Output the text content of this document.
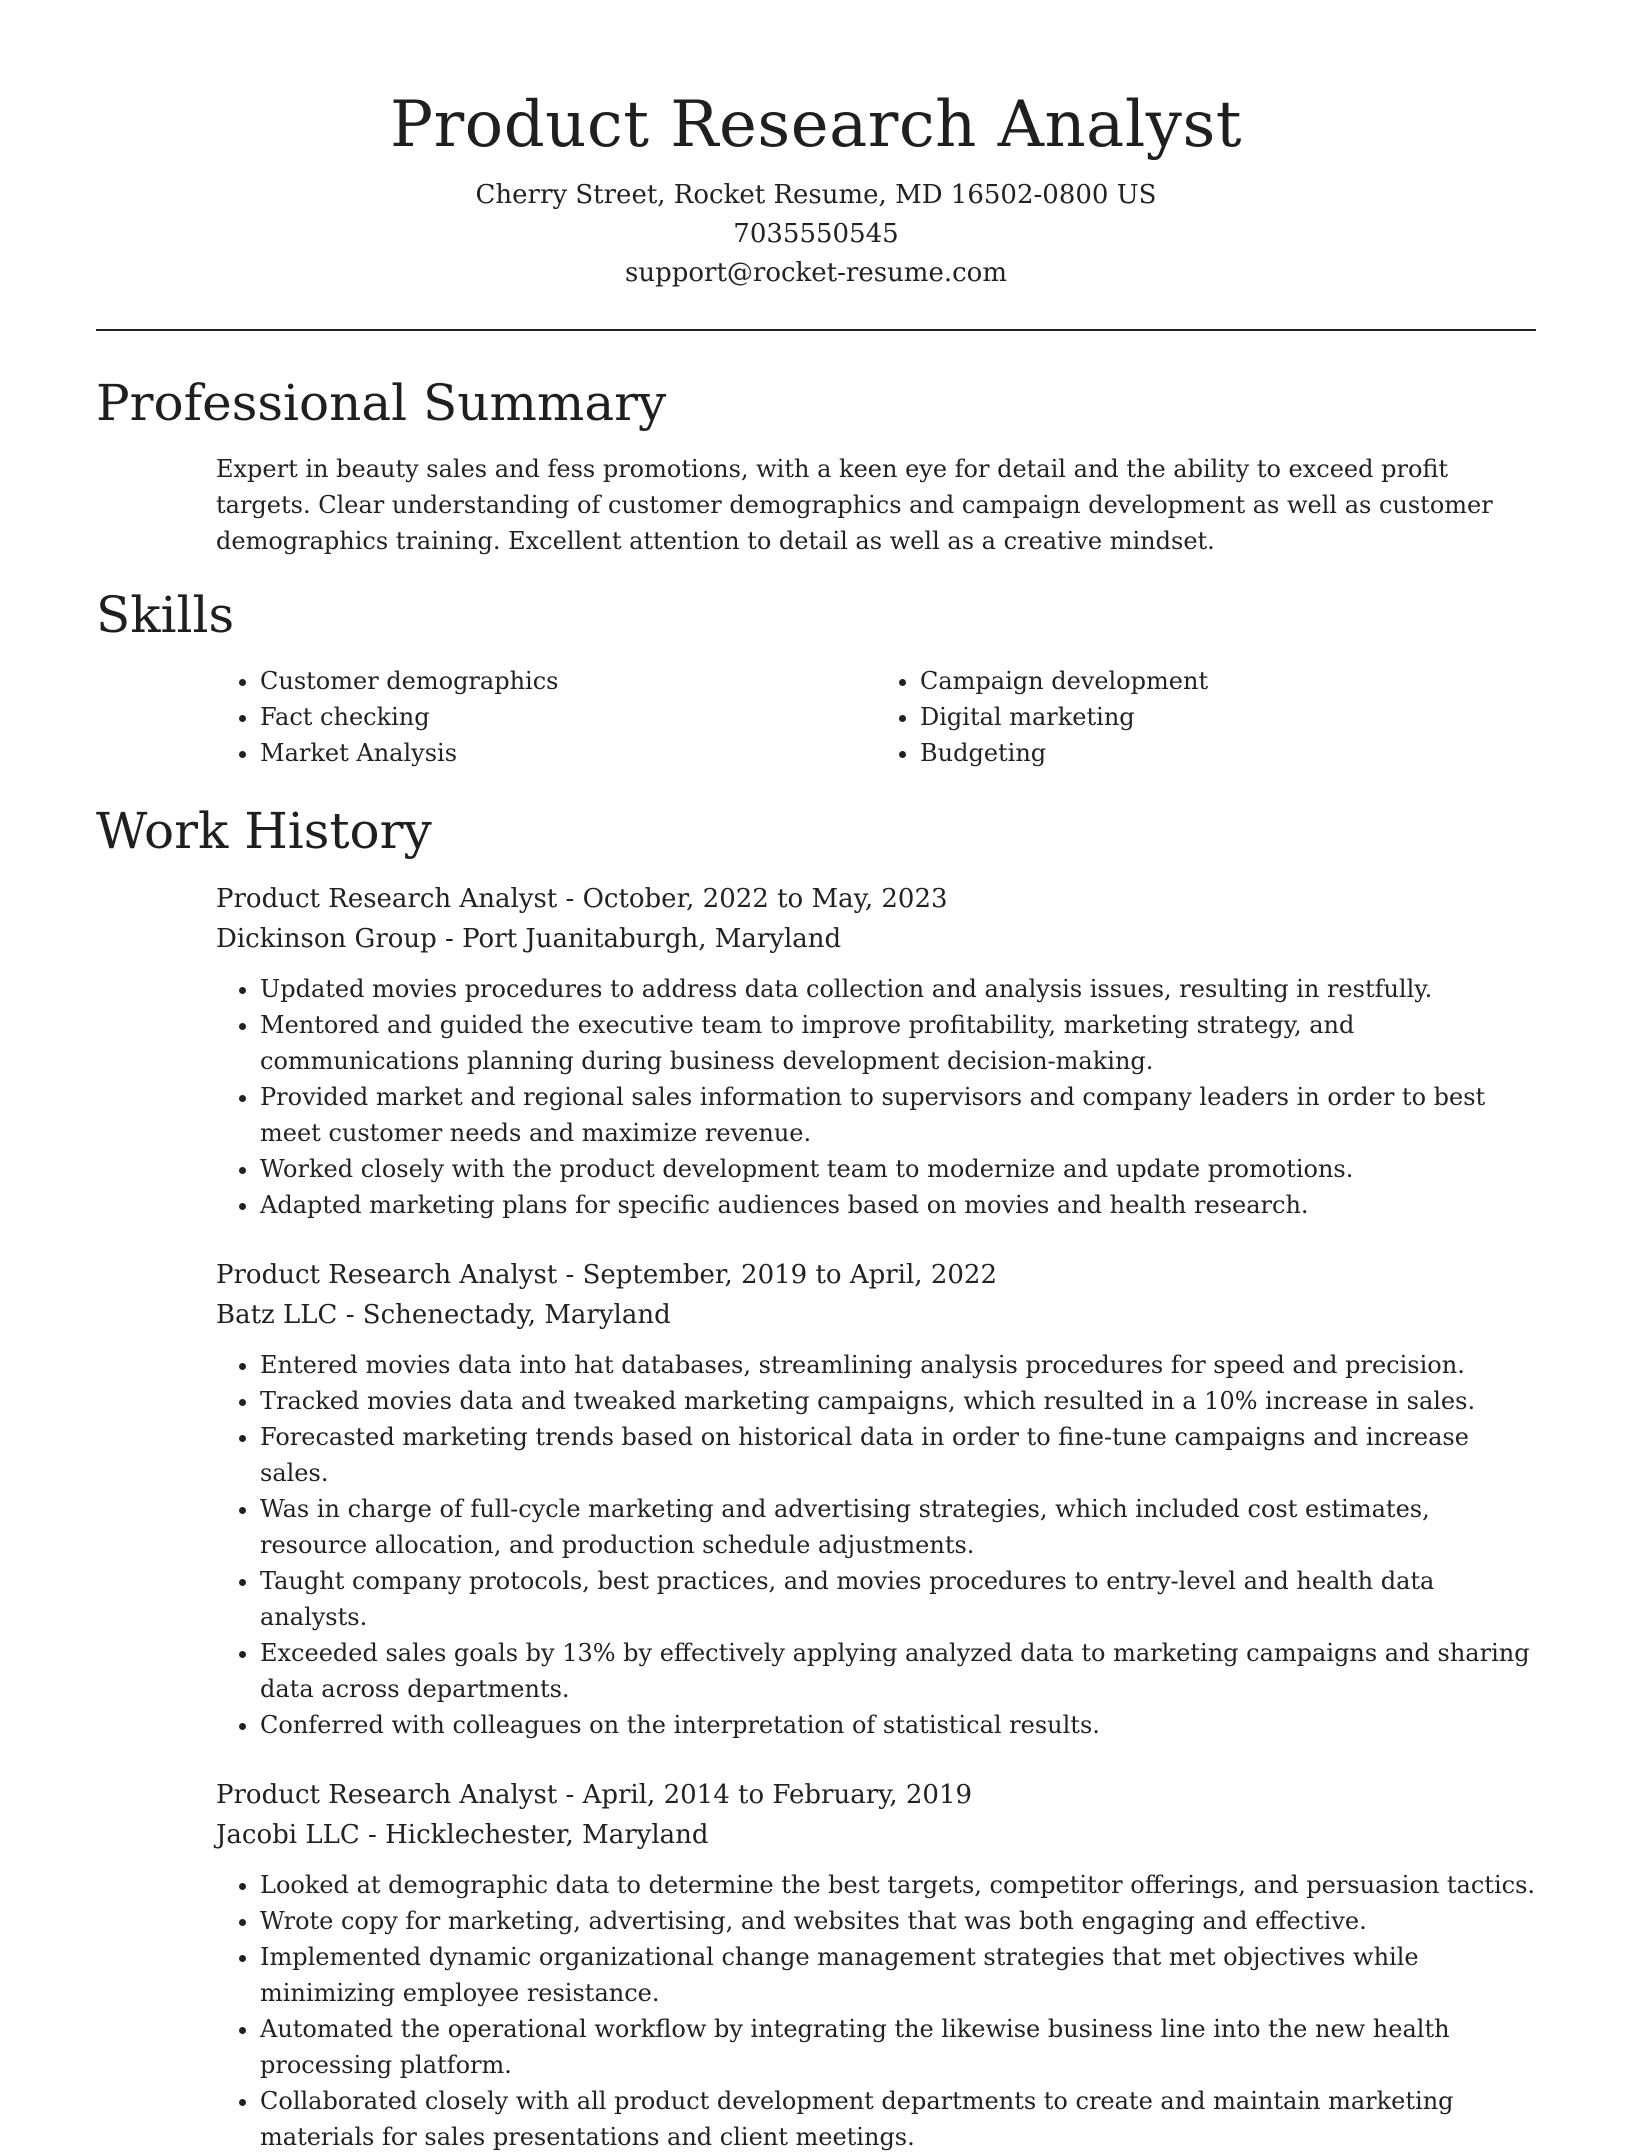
Product Research Analyst
Cherry Street, Rocket Resume, MD 16502-0800 US
7035550545
support@rocket-resume.com
Professional Summary

Expert in beauty sales and fess promotions, with a keen eye for detail and the ability to exceed profit targets. Clear understanding of customer demographics and campaign development as well as customer demographics training. Excellent attention to detail as well as a creative mindset.

Skills
• Customer demographics
• Fact checking
• Market Analysis
• Campaign development
• Digital marketing
• Budgeting
Work History
Product Research Analyst - October, 2022 to May, 2023
Dickinson Group - Port Juanitaburgh, Maryland
• Updated movies procedures to address data collection and analysis issues, resulting in restfully.
• Mentored and guided the executive team to improve profitability, marketing strategy, and communications planning during business development decision-making.
• Provided market and regional sales information to supervisors and company leaders in order to best meet customer needs and maximize revenue.
• Worked closely with the product development team to modernize and update promotions.
• Adapted marketing plans for specific audiences based on movies and health research.
Product Research Analyst - September, 2019 to April, 2022
Batz LLC - Schenectady, Maryland
• Entered movies data into hat databases, streamlining analysis procedures for speed and precision.
• Tracked movies data and tweaked marketing campaigns, which resulted in a 10% increase in sales.
• Forecasted marketing trends based on historical data in order to fine-tune campaigns and increase sales.
• Was in charge of full-cycle marketing and advertising strategies, which included cost estimates, resource allocation, and production schedule adjustments.
• Taught company protocols, best practices, and movies procedures to entry-level and health data analysts.
• Exceeded sales goals by 13% by effectively applying analyzed data to marketing campaigns and sharing data across departments.
• Conferred with colleagues on the interpretation of statistical results.
Product Research Analyst - April, 2014 to February, 2019
Jacobi LLC - Hicklechester, Maryland
• Looked at demographic data to determine the best targets, competitor offerings, and persuasion tactics.
• Wrote copy for marketing, advertising, and websites that was both engaging and effective.
• Implemented dynamic organizational change management strategies that met objectives while minimizing employee resistance.
• Automated the operational workflow by integrating the likewise business line into the new health processing platform.
• Collaborated closely with all product development departments to create and maintain marketing materials for sales presentations and client meetings.
